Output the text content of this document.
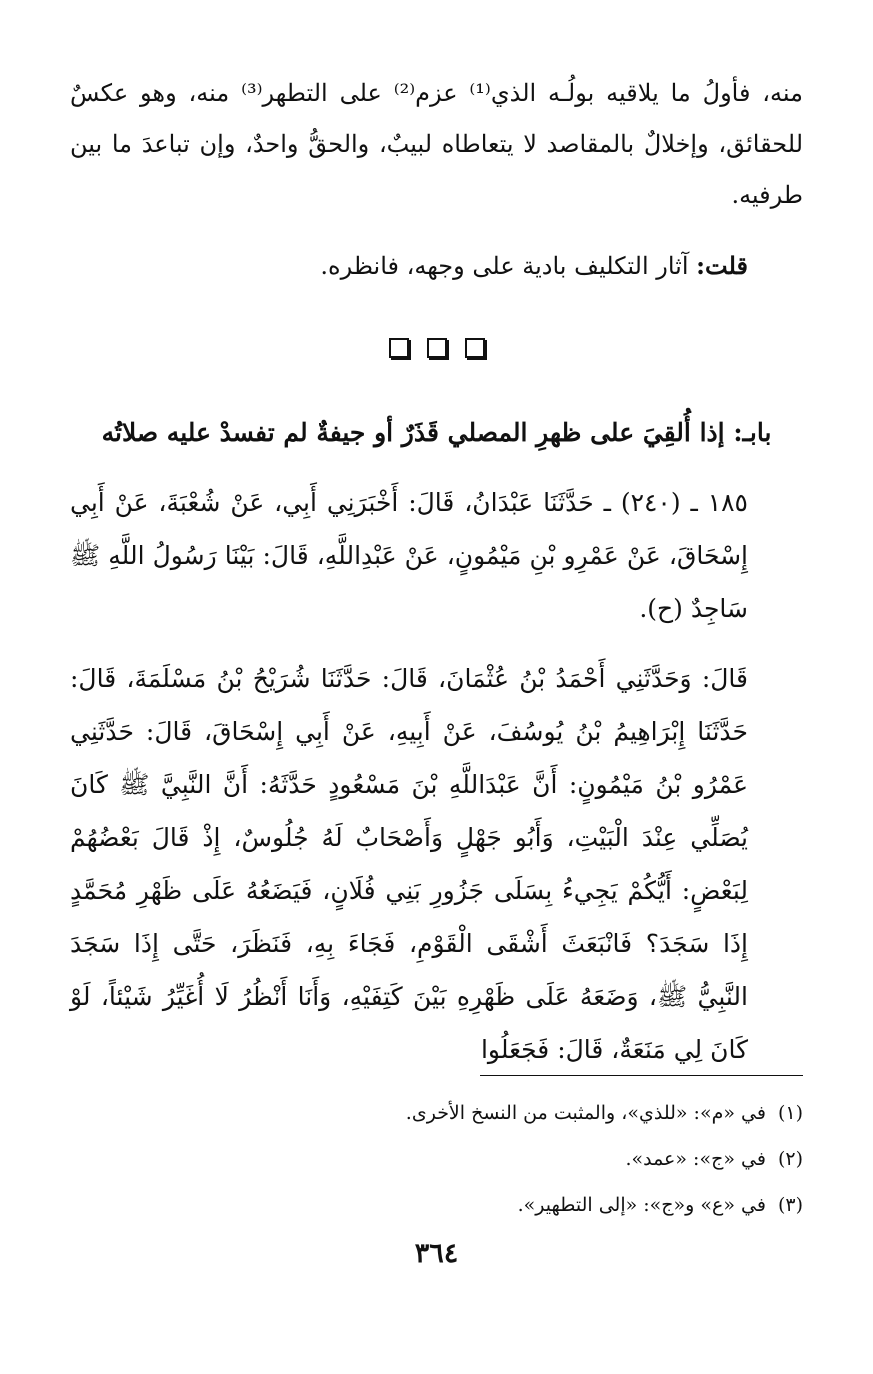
منه، فأولُ ما يلاقيه بولُـه الذي⁽¹⁾ عزم⁽²⁾ على التطهر⁽³⁾ منه، وهو عكسٌ للحقائق، وإخلالٌ بالمقاصد لا يتعاطاه لبيبٌ، والحقُّ واحدٌ، وإن تباعدَ ما بين طرفيه.

قلت: آثار التكليف بادية على وجهه، فانظره.

بابـ: إذا أُلقِيَ على ظهرِ المصلي قَذَرٌ أو جيفةٌ لم تفسدْ عليه صلاتُه

١٨٥ ـ (٢٤٠) ـ حَدَّثَنَا عَبْدَانُ، قَالَ: أَخْبَرَنِي أَبِي، عَنْ شُعْبَةَ، عَنْ أَبِي إِسْحَاقَ، عَنْ عَمْرِو بْنِ مَيْمُونٍ، عَنْ عَبْدِاللَّهِ، قَالَ: بَيْنَا رَسُولُ اللَّهِ ﷺ سَاجِدٌ (ح).

قَالَ: وَحَدَّثَنِي أَحْمَدُ بْنُ عُثْمَانَ، قَالَ: حَدَّثَنَا شُرَيْحُ بْنُ مَسْلَمَةَ، قَالَ: حَدَّثَنَا إِبْرَاهِيمُ بْنُ يُوسُفَ، عَنْ أَبِيهِ، عَنْ أَبِي إِسْحَاقَ، قَالَ: حَدَّثَنِي عَمْرُو بْنُ مَيْمُونٍ: أَنَّ عَبْدَاللَّهِ بْنَ مَسْعُودٍ حَدَّثَهُ: أَنَّ النَّبِيَّ ﷺ كَانَ يُصَلِّي عِنْدَ الْبَيْتِ، وَأَبُو جَهْلٍ وَأَصْحَابٌ لَهُ جُلُوسٌ، إِذْ قَالَ بَعْضُهُمْ لِبَعْضٍ: أَيُّكُمْ يَجِيءُ بِسَلَى جَزُورِ بَنِي فُلَانٍ، فَيَضَعُهُ عَلَى ظَهْرِ مُحَمَّدٍ إِذَا سَجَدَ؟ فَانْبَعَثَ أَشْقَى الْقَوْمِ، فَجَاءَ بِهِ، فَنَظَرَ، حَتَّى إِذَا سَجَدَ النَّبِيُّ ﷺ، وَضَعَهُ عَلَى ظَهْرِهِ بَيْنَ كَتِفَيْهِ، وَأَنَا أَنْظُرُ لَا أُغَيِّرُ شَيْئاً، لَوْ كَانَ لِي مَنَعَةٌ، قَالَ: فَجَعَلُوا

(١)في «م»: «للذي»، والمثبت من النسخ الأخرى.
(٢)في «ج»: «عمد».
(٣)في «ع» و«ج»: «إلى التطهير».
٣٦٤
